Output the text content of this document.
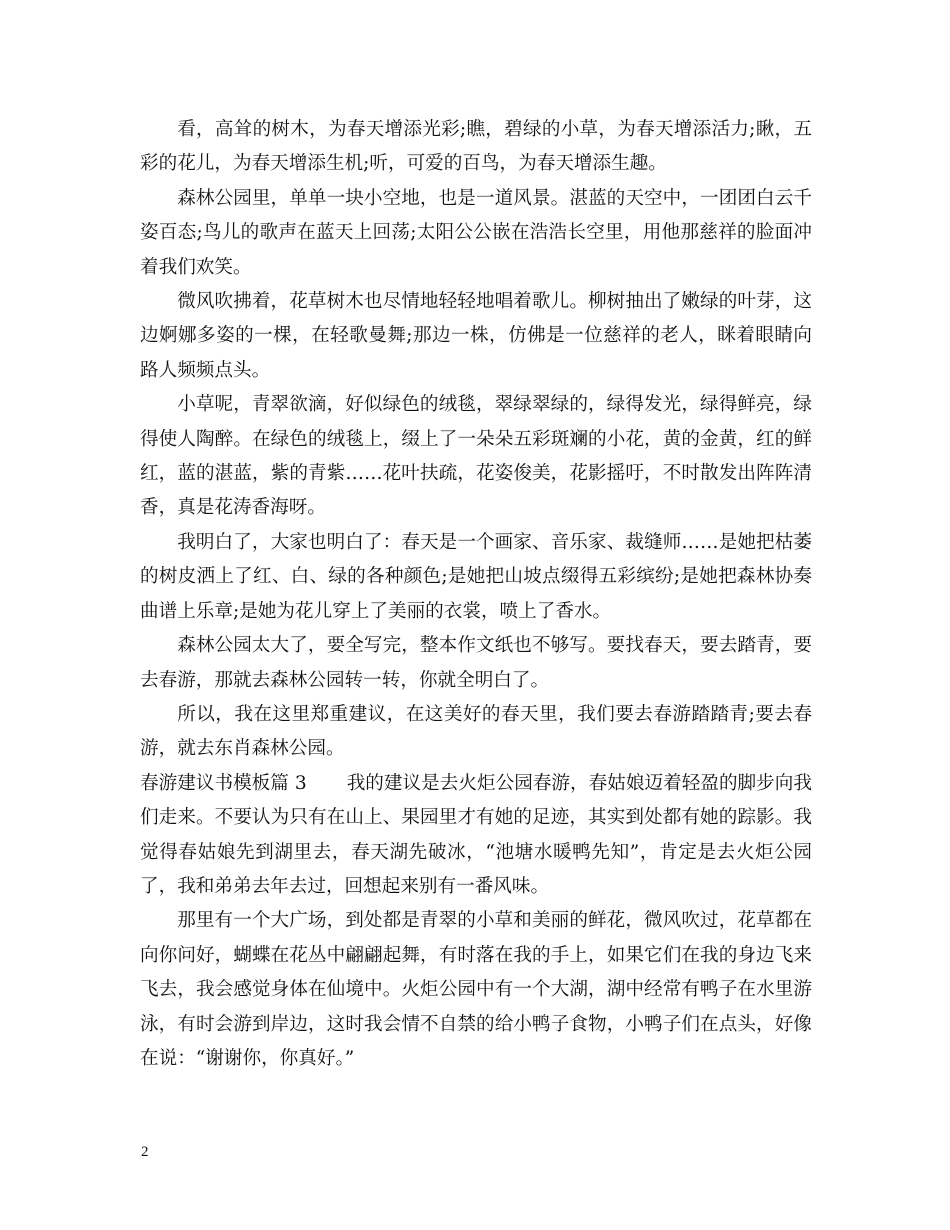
看，高耸的树木，为春天增添光彩;瞧，碧绿的小草，为春天增添活力;瞅，五彩的花儿，为春天增添生机;听，可爱的百鸟，为春天增添生趣。

森林公园里，单单一块小空地，也是一道风景。湛蓝的天空中，一团团白云千姿百态;鸟儿的歌声在蓝天上回荡;太阳公公嵌在浩浩长空里，用他那慈祥的脸面冲着我们欢笑。

微风吹拂着，花草树木也尽情地轻轻地唱着歌儿。柳树抽出了嫩绿的叶芽，这边婀娜多姿的一棵，在轻歌曼舞;那边一株，仿佛是一位慈祥的老人，眯着眼睛向路人频频点头。

小草呢，青翠欲滴，好似绿色的绒毯，翠绿翠绿的，绿得发光，绿得鲜亮，绿得使人陶醉。在绿色的绒毯上，缀上了一朵朵五彩斑斓的小花，黄的金黄，红的鲜红，蓝的湛蓝，紫的青紫……花叶扶疏，花姿俊美，花影摇吁，不时散发出阵阵清香，真是花涛香海呀。

我明白了，大家也明白了：春天是一个画家、音乐家、裁缝师……是她把枯萎的树皮洒上了红、白、绿的各种颜色;是她把山坡点缀得五彩缤纷;是她把森林协奏曲谱上乐章;是她为花儿穿上了美丽的衣裳，喷上了香水。

森林公园太大了，要全写完，整本作文纸也不够写。要找春天，要去踏青，要去春游，那就去森林公园转一转，你就全明白了。

所以，我在这里郑重建议，在这美好的春天里，我们要去春游踏踏青;要去春游，就去东肖森林公园。

春游建议书模板篇 3 我的建议是去火炬公园春游，春姑娘迈着轻盈的脚步向我们走来。不要认为只有在山上、果园里才有她的足迹，其实到处都有她的踪影。我觉得春姑娘先到湖里去，春天湖先破冰，“池塘水暖鸭先知”，肯定是去火炬公园了，我和弟弟去年去过，回想起来别有一番风味。

那里有一个大广场，到处都是青翠的小草和美丽的鲜花，微风吹过，花草都在向你问好，蝴蝶在花丛中翩翩起舞，有时落在我的手上，如果它们在我的身边飞来飞去，我会感觉身体在仙境中。火炬公园中有一个大湖，湖中经常有鸭子在水里游泳，有时会游到岸边，这时我会情不自禁的给小鸭子食物，小鸭子们在点头，好像在说：“谢谢你，你真好。”

2
